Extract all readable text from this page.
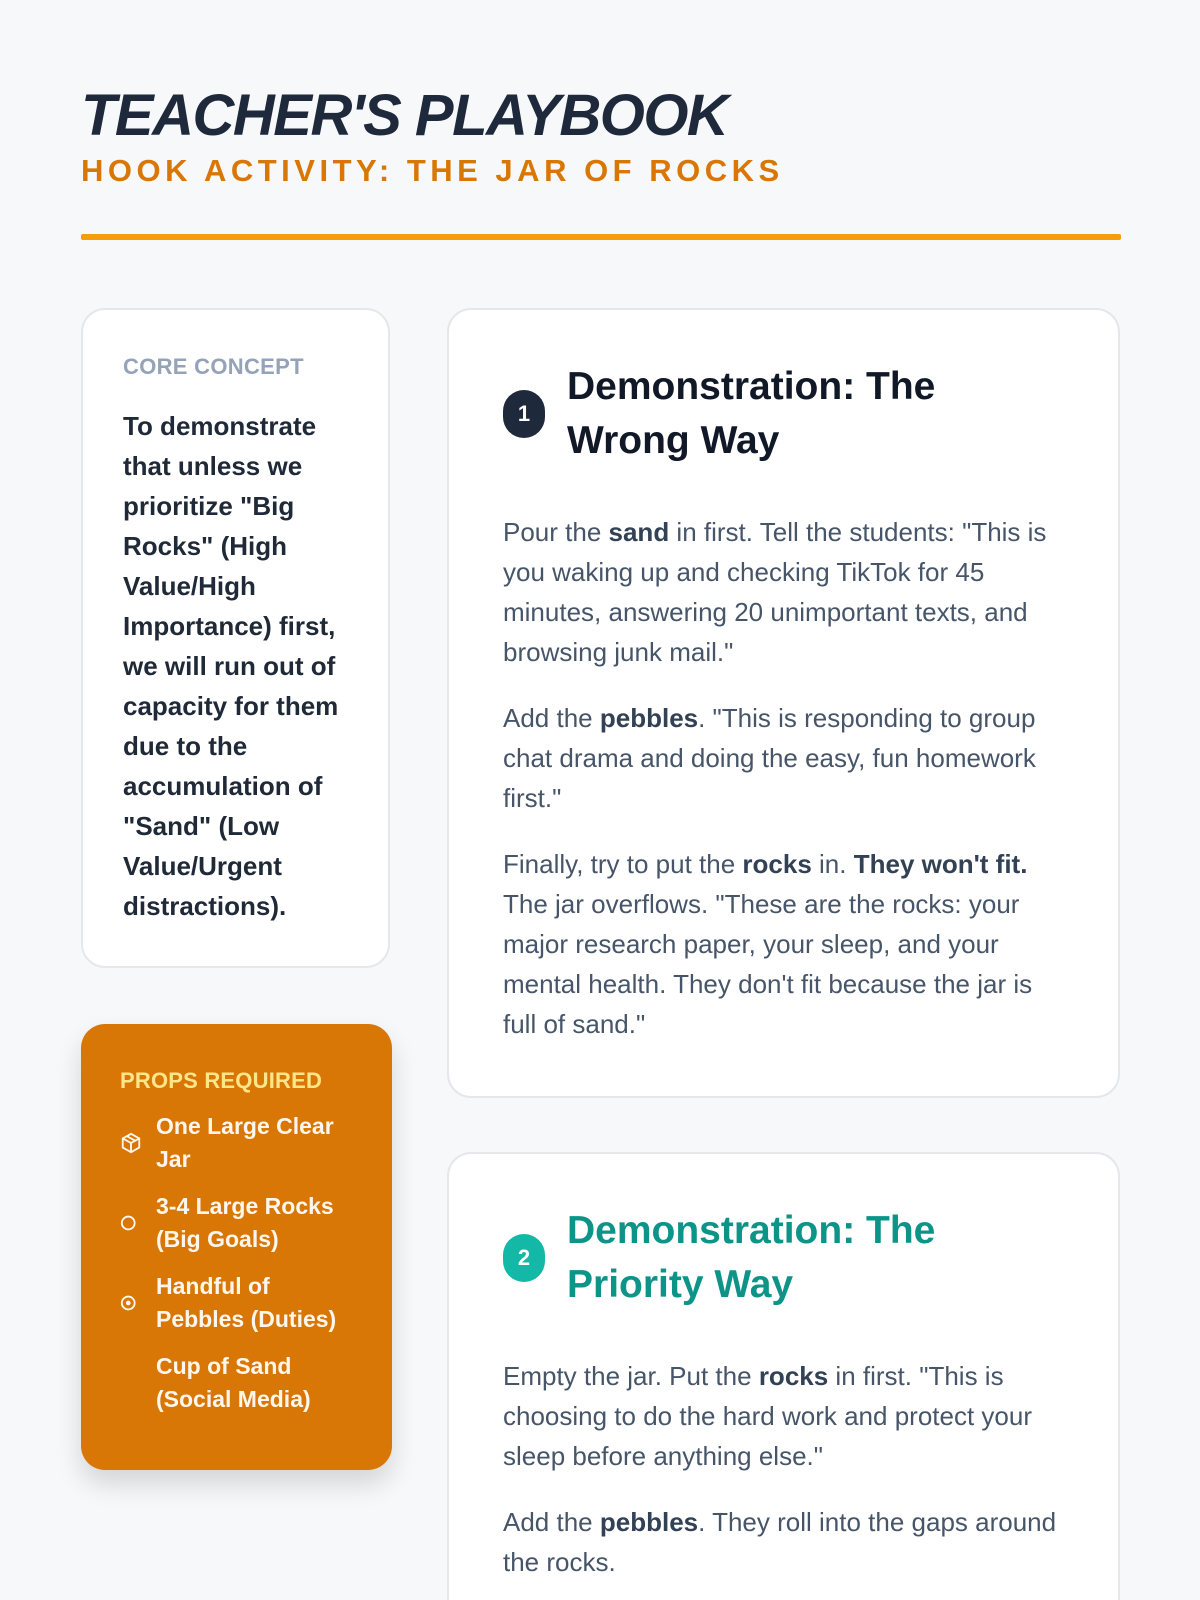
TEACHER'S PLAYBOOK
HOOK ACTIVITY: THE JAR OF ROCKS
CORE CONCEPT

To demonstrate that unless we prioritize "Big Rocks" (High Value/High Importance) first, we will run out of capacity for them due to the accumulation of "Sand" (Low Value/Urgent distractions).

PROPS REQUIRED
One Large Clear Jar
3-4 Large Rocks (Big Goals)
Handful of Pebbles (Duties)
Cup of Sand (Social Media)
1
Demonstration: The Wrong Way

Pour the sand in first. Tell the students: "This is you waking up and checking TikTok for 45 minutes, answering 20 unimportant texts, and browsing junk mail."

Add the pebbles. "This is responding to group chat drama and doing the easy, fun homework first."

Finally, try to put the rocks in. They won't fit. The jar overflows. "These are the rocks: your major research paper, your sleep, and your mental health. They don't fit because the jar is full of sand."

2
Demonstration: The Priority Way

Empty the jar. Put the rocks in first. "This is choosing to do the hard work and protect your sleep before anything else."

Add the pebbles. They roll into the gaps around the rocks.
